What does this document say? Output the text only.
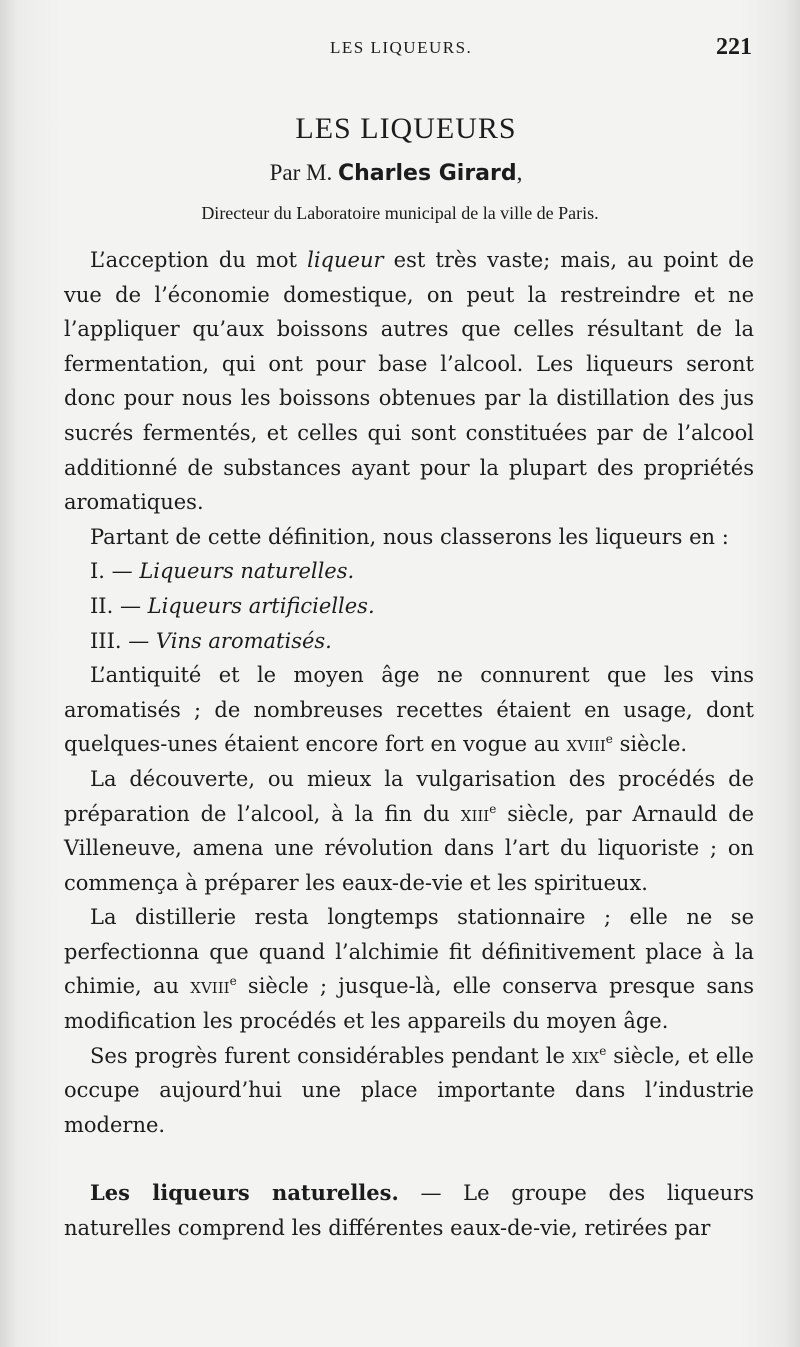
LES LIQUEURS.	221
LES LIQUEURS
Par M. Charles Girard,
Directeur du Laboratoire municipal de la ville de Paris.

L’acception du mot liqueur est très vaste; mais, au point de vue de l’économie domestique, on peut la restreindre et ne l’appliquer qu’aux boissons autres que celles résultant de la fermentation, qui ont pour base l’alcool. Les liqueurs seront donc pour nous les boissons obtenues par la distillation des jus sucrés fermentés, et celles qui sont constituées par de l’alcool additionné de substances ayant pour la plupart des propriétés aromatiques.

Partant de cette définition, nous classerons les liqueurs en :

I. — Liqueurs naturelles.

II. — Liqueurs artificielles.

III. — Vins aromatisés.

L’antiquité et le moyen âge ne connurent que les vins aromatisés ; de nombreuses recettes étaient en usage, dont quelques-unes étaient encore fort en vogue au xviii$^e$ siècle.

La découverte, ou mieux la vulgarisation des procédés de préparation de l’alcool, à la fin du xiii$^e$ siècle, par Arnauld de Villeneuve, amena une révolution dans l’art du liquoriste ; on commença à préparer les eaux-de-vie et les spiritueux.

La distillerie resta longtemps stationnaire ; elle ne se perfectionna que quand l’alchimie fit définitivement place à la chimie, au xviii$^e$ siècle ; jusque-là, elle conserva presque sans modification les procédés et les appareils du moyen âge.

Ses progrès furent considérables pendant le xix$^e$ siècle, et elle occupe aujourd’hui une place importante dans l’industrie moderne.

Les liqueurs naturelles. — Le groupe des liqueurs naturelles comprend les différentes eaux-de-vie, retirées par
